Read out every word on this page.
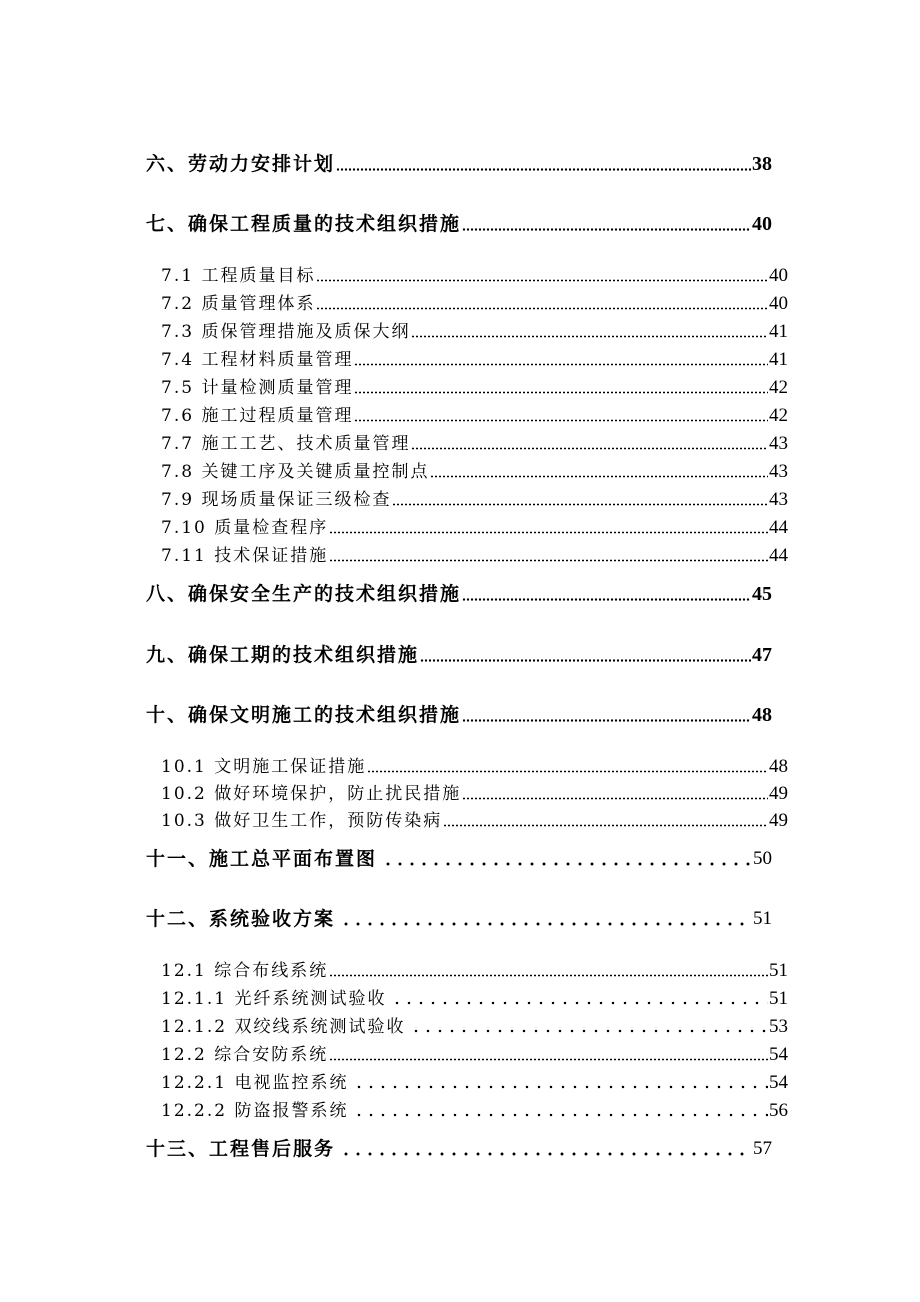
六、劳动力安排计划	38
七、确保工程质量的技术组织措施	40
7.1 工程质量目标	40
7.2 质量管理体系	40
7.3 质保管理措施及质保大纲	41
7.4 工程材料质量管理	41
7.5 计量检测质量管理	42
7.6 施工过程质量管理	42
7.7 施工工艺、技术质量管理	43
7.8 关键工序及关键质量控制点	43
7.9 现场质量保证三级检查	43
7.10 质量检查程序	44
7.11 技术保证措施	44
八、确保安全生产的技术组织措施	45
九、确保工期的技术组织措施	47
十、确保文明施工的技术组织措施	48
10.1 文明施工保证措施	48
10.2 做好环境保护，防止扰民措施	49
10.3 做好卫生工作，预防传染病	49
十一、施工总平面布置图	50
十二、系统验收方案	51
12.1 综合布线系统	51
12.1.1 光纤系统测试验收	51
12.1.2 双绞线系统测试验收	53
12.2 综合安防系统	54
12.2.1 电视监控系统	54
12.2.2 防盗报警系统	56
十三、工程售后服务	57
